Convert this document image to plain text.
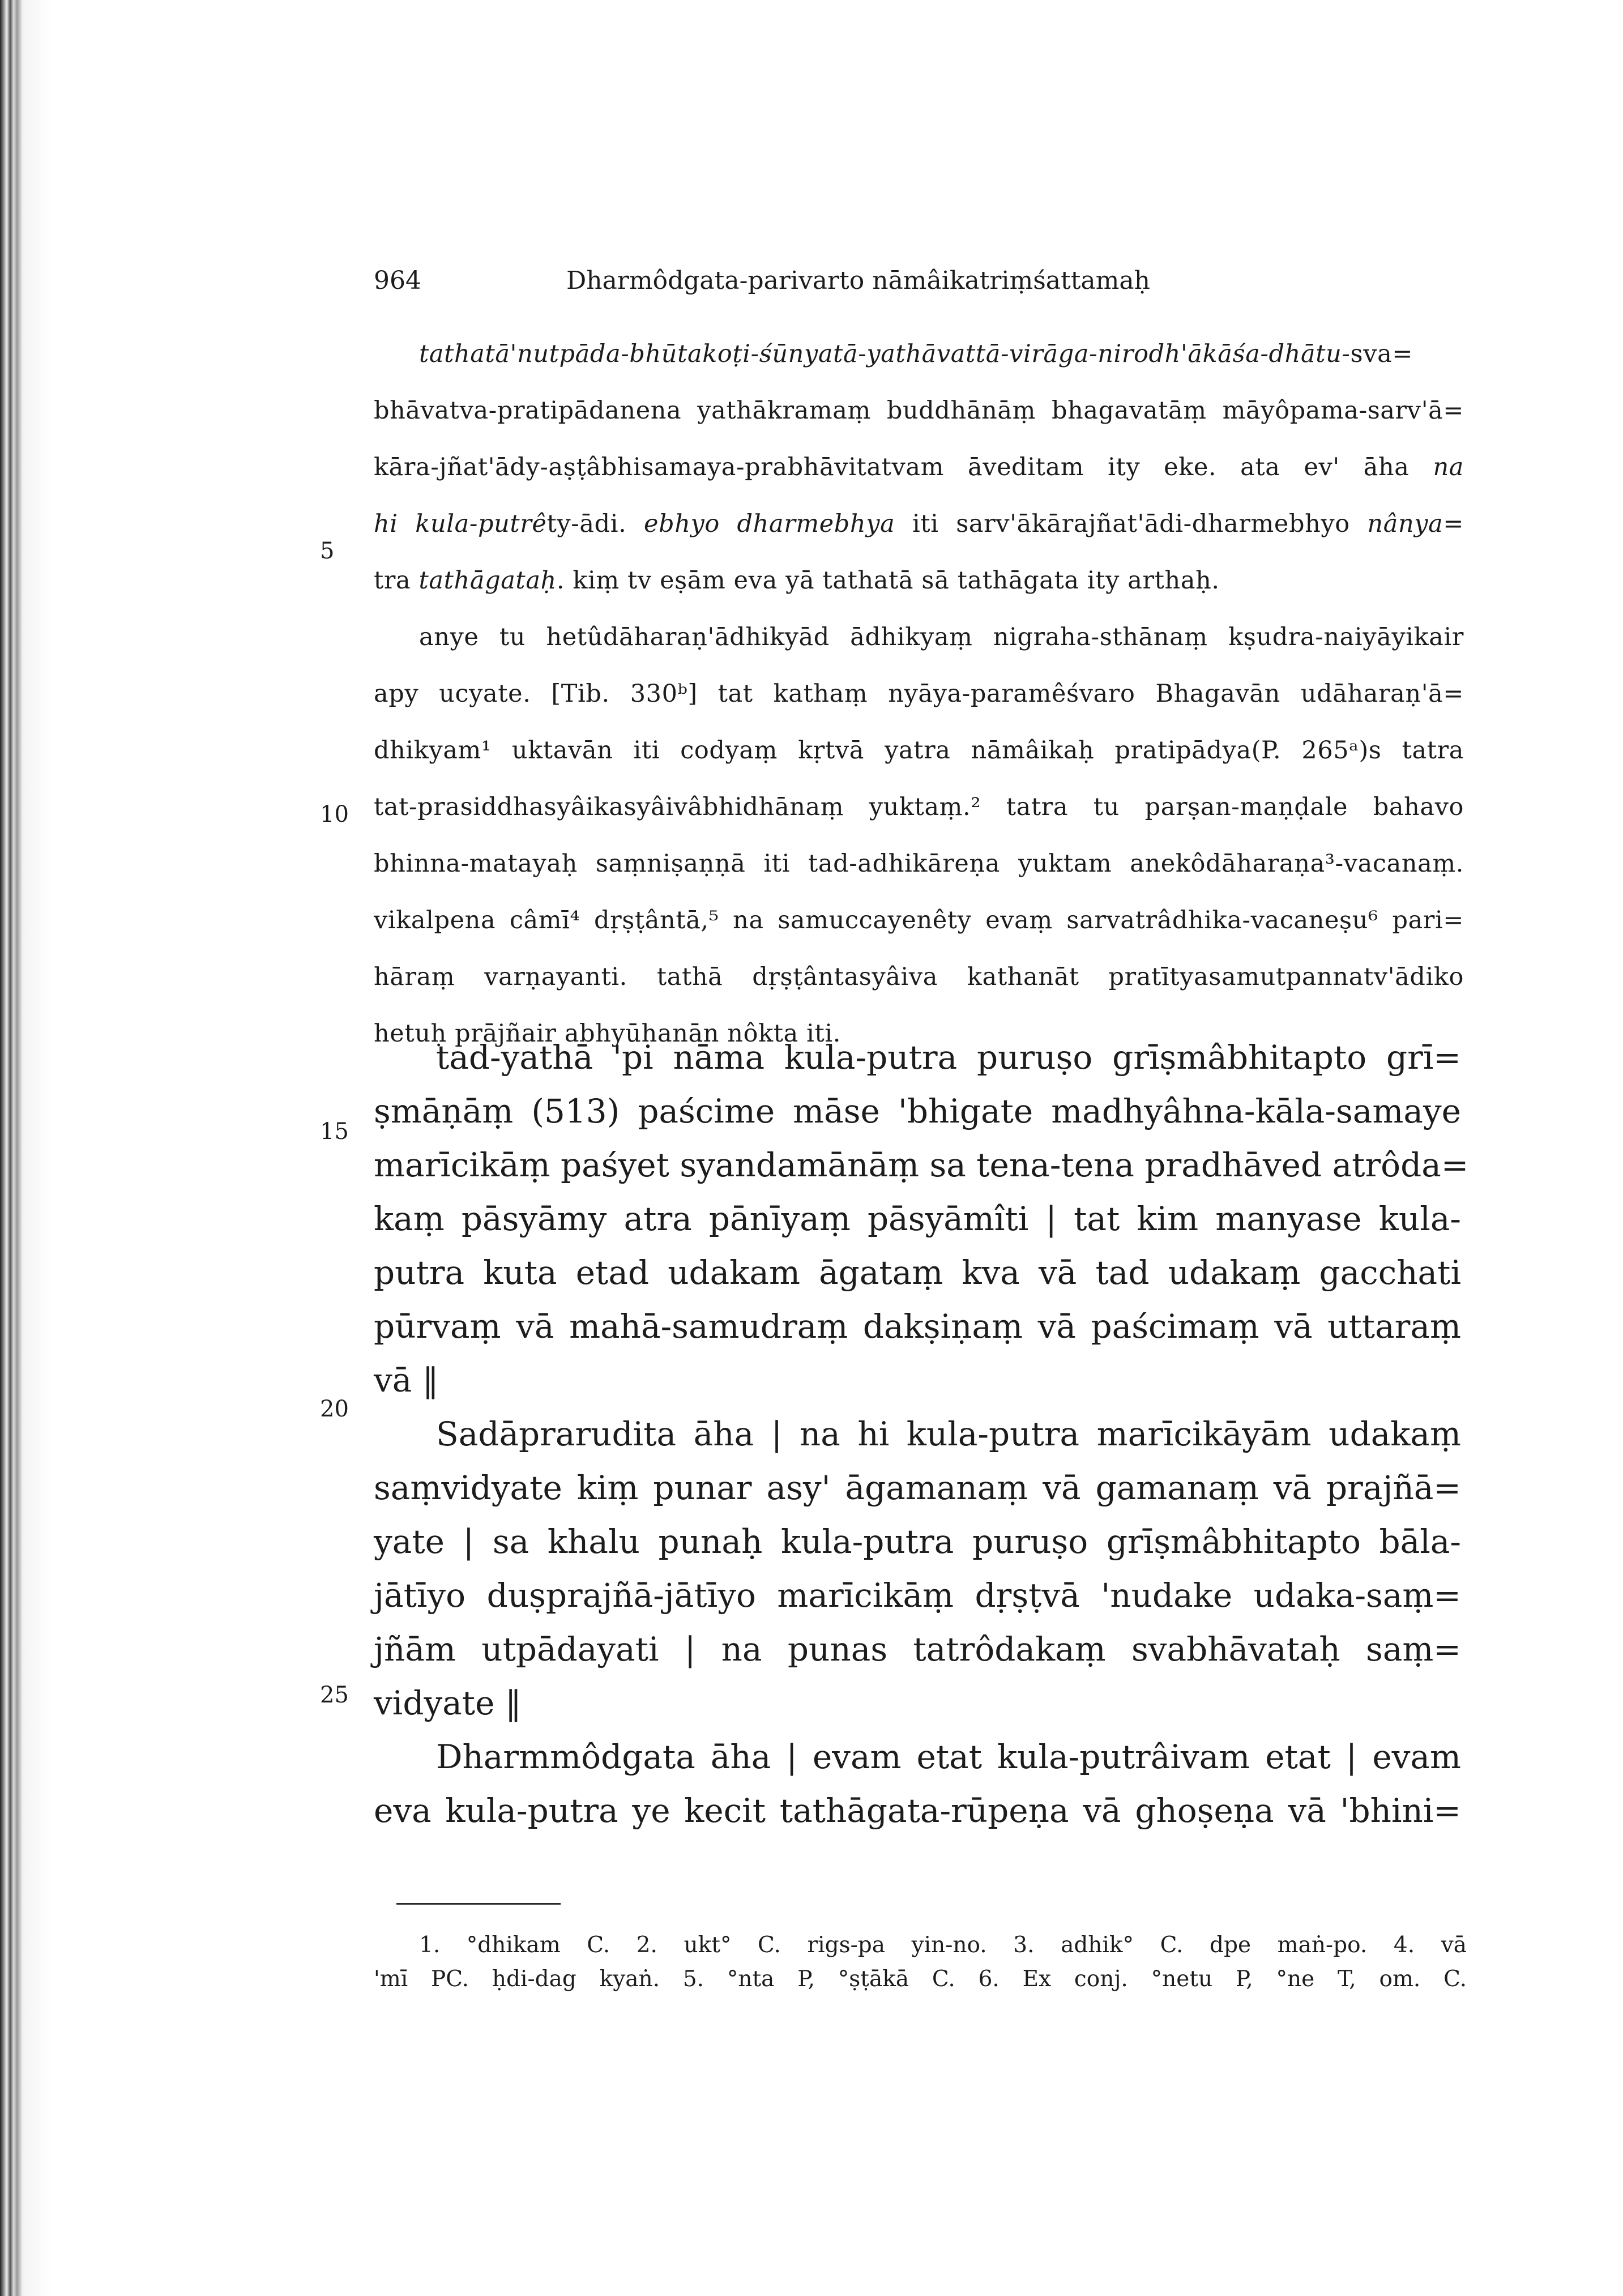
964	Dharmôdgata-parivarto nāmâikatriṃśattamaḥ
tathatā'nutpāda-bhūtakoṭi-śūnyatā-yathāvattā-virāga-nirodh'ākāśa-dhātu-sva=
bhāvatva-pratipādanena yathākramaṃ buddhānāṃ bhagavatāṃ māyôpama-sarv'ā=
kāra-jñat'ādy-aṣṭâbhisamaya-prabhāvitatvam āveditam ity eke. ata ev' āha na
hi kula-putrêty-ādi. ebhyo dharmebhya iti sarv'ākārajñat'ādi-dharmebhyo nânya=
tra tathāgataḥ. kiṃ tv eṣām eva yā tathatā sā tathāgata ity arthaḥ.
anye tu hetûdāharaṇ'ādhikyād ādhikyaṃ nigraha-sthānaṃ kṣudra-naiyāyikair
apy ucyate. [Tib. 330ᵇ] tat kathaṃ nyāya-paramêśvaro Bhagavān udāharaṇ'ā=
dhikyam¹ uktavān iti codyaṃ kṛtvā yatra nāmâikaḥ pratipādya(P. 265ᵃ)s tatra
tat-prasiddhasyâikasyâivâbhidhānaṃ yuktaṃ.² tatra tu parṣan-maṇḍale bahavo
bhinna-matayaḥ saṃniṣaṇṇā iti tad-adhikāreṇa yuktam anekôdāharaṇa³-vacanaṃ.
vikalpena câmī⁴ dṛṣṭântā,⁵ na samuccayenêty evaṃ sarvatrâdhika-vacaneṣu⁶ pari=
hāraṃ varṇayanti. tathā dṛṣṭântasyâiva kathanāt pratītyasamutpannatv'ādiko
hetuḥ prājñair abhyūhanān nôkta iti.
5
10
15
20
25
tad-yathā 'pi nāma kula-putra puruṣo grīṣmâbhitapto grī=
ṣmāṇāṃ (513) paścime māse 'bhigate madhyâhna-kāla-samaye
marīcikāṃ paśyet syandamānāṃ sa tena-tena pradhāved atrôda=
kaṃ pāsyāmy atra pānīyaṃ pāsyāmîti | tat kim manyase kula-
putra kuta etad udakam āgataṃ kva vā tad udakaṃ gacchati
pūrvaṃ vā mahā-samudraṃ dakṣiṇaṃ vā paścimaṃ vā uttaraṃ
vā ‖
Sadāprarudita āha | na hi kula-putra marīcikāyām udakaṃ
saṃvidyate kiṃ punar asy' āgamanaṃ vā gamanaṃ vā prajñā=
yate | sa khalu punaḥ kula-putra puruṣo grīṣmâbhitapto bāla-
jātīyo duṣprajñā-jātīyo marīcikāṃ dṛṣṭvā 'nudake udaka-saṃ=
jñām utpādayati | na punas tatrôdakaṃ svabhāvataḥ saṃ=
vidyate ‖
Dharmmôdgata āha | evam etat kula-putrâivam etat | evam
eva kula-putra ye kecit tathāgata-rūpeṇa vā ghoṣeṇa vā 'bhini=
1. °dhikam C. 2. ukt° C. rigs-pa yin-no. 3. adhik° C. dpe maṅ-po. 4. vā
'mī PC. ḥdi-dag kyaṅ. 5. °nta P, °ṣṭākā C. 6. Ex conj. °netu P, °ne T, om. C.
